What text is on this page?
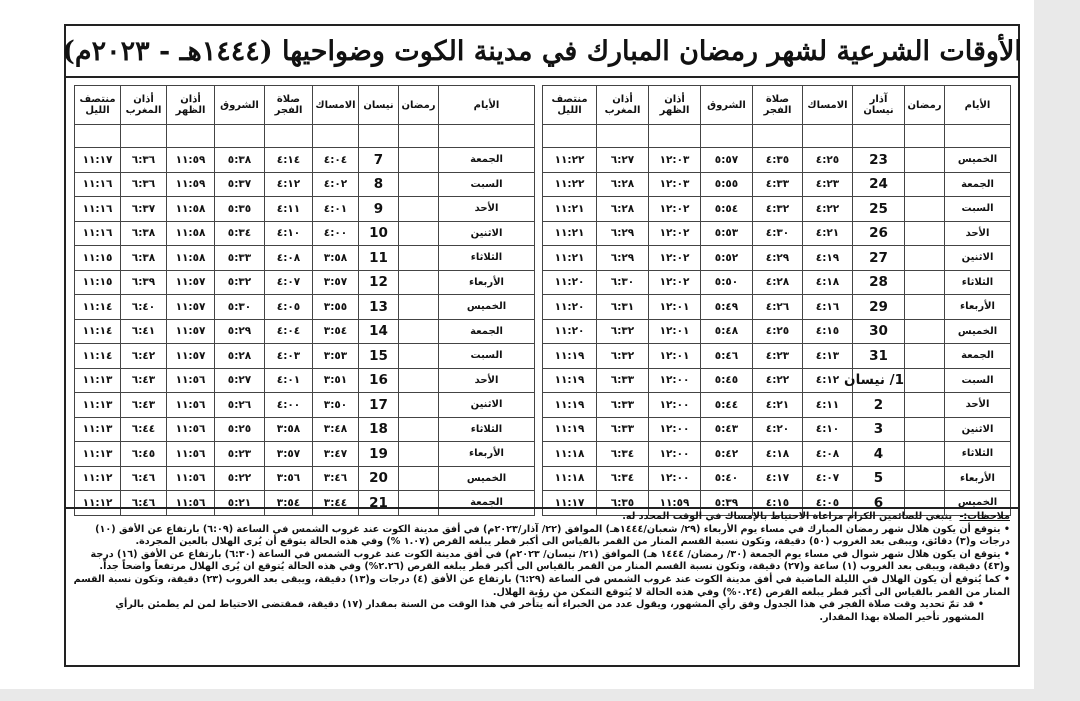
الأوقات الشرعية لشهر رمضان المبارك في مدينة الكوت وضواحيها (١٤٤٤هـ - ٢٠٢٣م)
الأيام	رمضان	آذار نيسان	الامساك	صلاة الفجر	الشروق	أذان الظهر	أذان المغرب	منتصف الليل

الخميس		23	٤:٢٥	٤:٣٥	٥:٥٧	١٢:٠٣	٦:٢٧	١١:٢٢
الجمعة		24	٤:٢٣	٤:٣٣	٥:٥٥	١٢:٠٣	٦:٢٨	١١:٢٢
السبت		25	٤:٢٢	٤:٣٢	٥:٥٤	١٢:٠٢	٦:٢٨	١١:٢١
الأحد		26	٤:٢١	٤:٣٠	٥:٥٣	١٢:٠٢	٦:٢٩	١١:٢١
الاثنين		27	٤:١٩	٤:٢٩	٥:٥٢	١٢:٠٢	٦:٢٩	١١:٢١
الثلاثاء		28	٤:١٨	٤:٢٨	٥:٥٠	١٢:٠٢	٦:٣٠	١١:٢٠
الأربعاء		29	٤:١٦	٤:٢٦	٥:٤٩	١٢:٠١	٦:٣١	١١:٢٠
الخميس		30	٤:١٥	٤:٢٥	٥:٤٨	١٢:٠١	٦:٣٢	١١:٢٠
الجمعة		31	٤:١٣	٤:٢٣	٥:٤٦	١٢:٠١	٦:٣٢	١١:١٩
السبت		1/ نيسان	٤:١٢	٤:٢٢	٥:٤٥	١٢:٠٠	٦:٣٣	١١:١٩
الأحد		2	٤:١١	٤:٢١	٥:٤٤	١٢:٠٠	٦:٣٣	١١:١٩
الاثنين		3	٤:١٠	٤:٢٠	٥:٤٣	١٢:٠٠	٦:٣٣	١١:١٩
الثلاثاء		4	٤:٠٨	٤:١٨	٥:٤٢	١٢:٠٠	٦:٣٤	١١:١٨
الأربعاء		5	٤:٠٧	٤:١٧	٥:٤٠	١٢:٠٠	٦:٣٤	١١:١٨
الخميس		6	٤:٠٥	٤:١٥	٥:٣٩	١١:٥٩	٦:٣٥	١١:١٧
الأيام	رمضان	نيسان	الامساك	صلاة الفجر	الشروق	أذان الظهر	أذان المغرب	منتصف الليل

الجمعة		7	٤:٠٤	٤:١٤	٥:٣٨	١١:٥٩	٦:٣٦	١١:١٧
السبت		8	٤:٠٢	٤:١٢	٥:٣٧	١١:٥٩	٦:٣٦	١١:١٦
الأحد		9	٤:٠١	٤:١١	٥:٣٥	١١:٥٨	٦:٣٧	١١:١٦
الاثنين		10	٤:٠٠	٤:١٠	٥:٣٤	١١:٥٨	٦:٣٨	١١:١٦
الثلاثاء		11	٣:٥٨	٤:٠٨	٥:٣٣	١١:٥٨	٦:٣٨	١١:١٥
الأربعاء		12	٣:٥٧	٤:٠٧	٥:٣٢	١١:٥٧	٦:٣٩	١١:١٥
الخميس		13	٣:٥٥	٤:٠٥	٥:٣٠	١١:٥٧	٦:٤٠	١١:١٤
الجمعة		14	٣:٥٤	٤:٠٤	٥:٢٩	١١:٥٧	٦:٤١	١١:١٤
السبت		15	٣:٥٣	٤:٠٣	٥:٢٨	١١:٥٧	٦:٤٢	١١:١٤
الأحد		16	٣:٥١	٤:٠١	٥:٢٧	١١:٥٦	٦:٤٣	١١:١٣
الاثنين		17	٣:٥٠	٤:٠٠	٥:٢٦	١١:٥٦	٦:٤٣	١١:١٣
الثلاثاء		18	٣:٤٨	٣:٥٨	٥:٢٥	١١:٥٦	٦:٤٤	١١:١٣
الأربعاء		19	٣:٤٧	٣:٥٧	٥:٢٣	١١:٥٦	٦:٤٥	١١:١٣
الخميس		20	٣:٤٦	٣:٥٦	٥:٢٢	١١:٥٦	٦:٤٦	١١:١٢
الجمعة		21	٣:٤٤	٣:٥٤	٥:٢١	١١:٥٦	٦:٤٦	١١:١٢

ملاحظات:- ينبغي للصائمين الكرام مراعاة الاحتياط بالإمساك في الوقت المحدد له.

• يتوقع أن يكون هلال شهر رمضان المبارك في مساء يوم الأربعاء (٢٩/ شعبان/١٤٤٤هـ) الموافق (٢٢/ آذار/٢٠٢٣م) في أفق مدينة الكوت عند غروب الشمس في الساعة (٦:٠٩) بارتفاع عن الأفق (١٠) درجات و(٣) دقائق، ويبقى بعد الغروب (٥٠) دقيقة، وتكون نسبة القسم المنار من القمر بالقياس الى أكبر قطر يبلغه القرص (١.٠٧ %) وفي هذه الحالة يتوقع أن يُرى الهلال بالعين المجردة.

• يتوقع ان يكون هلال شهر شوال في مساء يوم الجمعة (٣٠/ رمضان/ ١٤٤٤ هـ) الموافق (٢١/ نيسان/ ٢٠٢٣م) في أفق مدينة الكوت عند غروب الشمس في الساعة (٦:٣٠) بارتفاع عن الأفق (١٦) درجة و(٤٣) دقيقة، ويبقى بعد الغروب (١) ساعة و(٢٧) دقيقة، وتكون نسبة القسم المنار من القمر بالقياس الى أكبر قطر يبلغه القرص (٢.٢٦%) وفي هذه الحالة يُتوقع ان يُرى الهلال مرتفعاً واضحاً جداً.

• كما يُتوقع أن يكون الهلال في الليلة الماضية في أفق مدينة الكوت عند غروب الشمس في الساعة (٦:٢٩) بارتفاع عن الأفق (٤) درجات و(١٣) دقيقة، ويبقى بعد الغروب (٢٣) دقيقة، وتكون نسبة القسم المنار من القمر بالقياس الى أكبر قطر يبلغه القرص (٠.٢٤%) وفي هذه الحالة لا يُتوقع التمكن من رؤية الهلال.

• قد تمّ تحديد وقت صلاة الفجر في هذا الجدول وفق رأي المشهور، ويقول عدد من الخبراء أنه يتأخر في هذا الوقت من السنة بمقدار (١٧) دقيقة، فمقتضى الاحتياط لمن لم يطمئن بالرأي المشهور تأخير الصلاة بهذا المقدار.
